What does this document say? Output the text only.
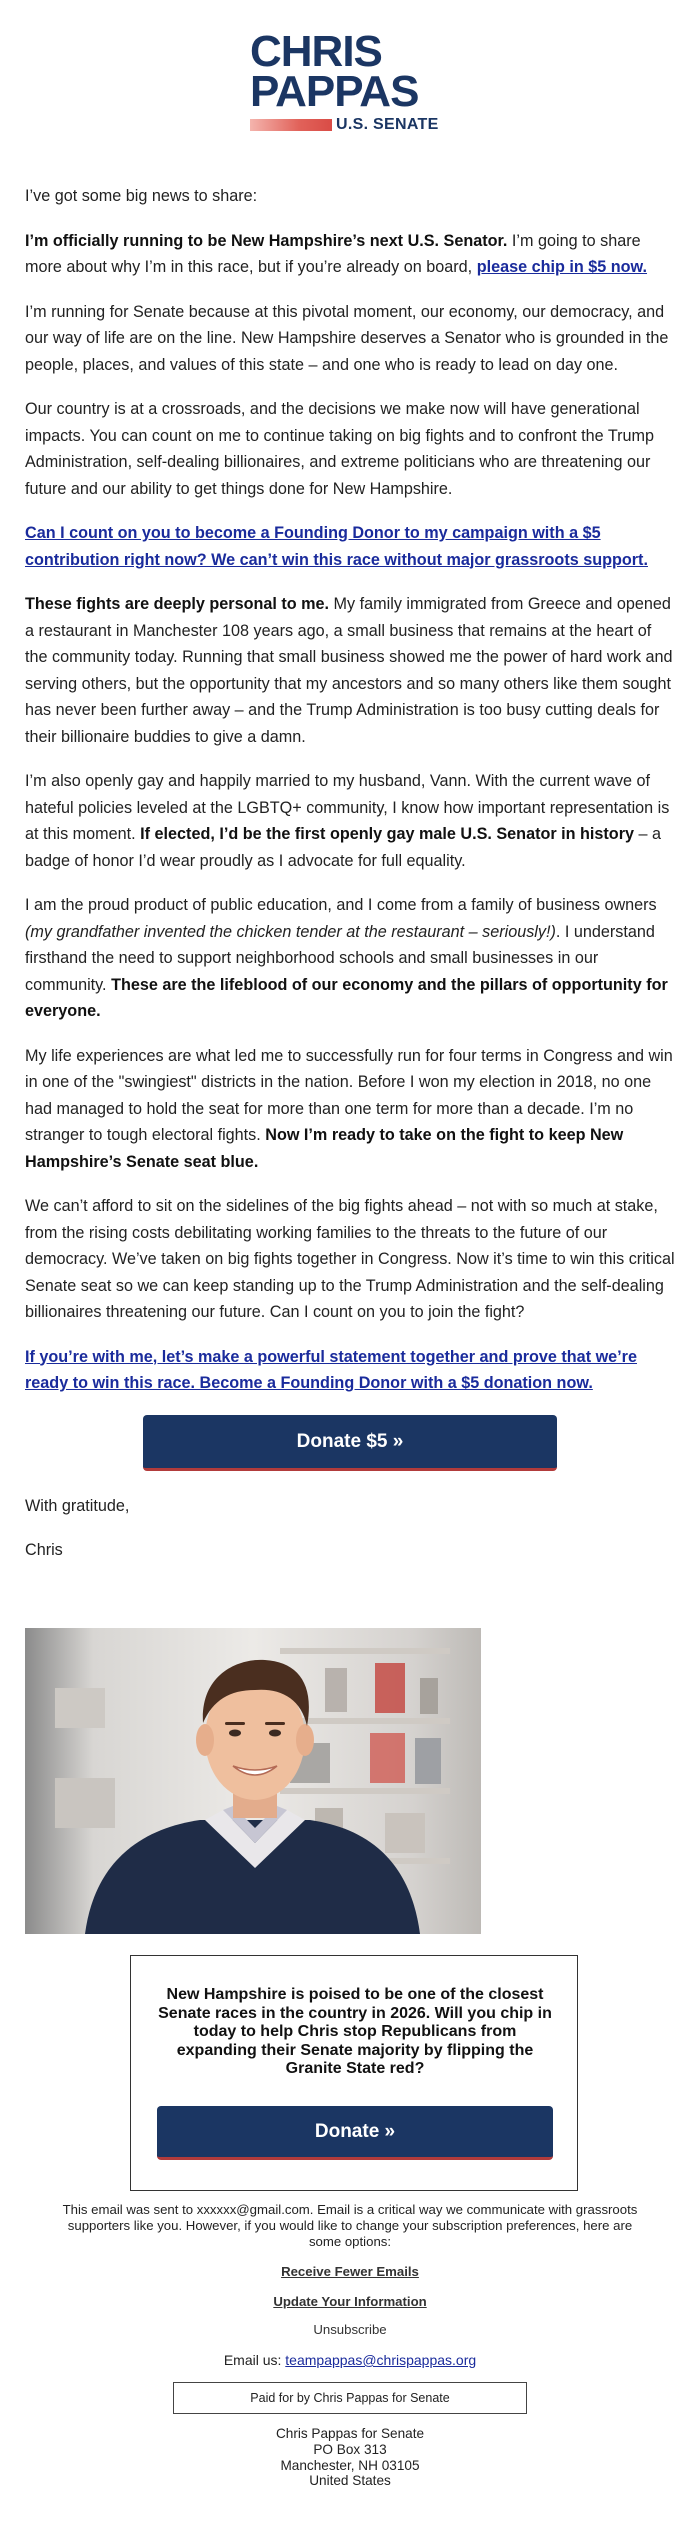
CHRIS

PAPPAS

U.S. SENATE

I’ve got some big news to share:

I’m officially running to be New Hampshire’s next U.S. Senator. I’m going to share more about why I’m in this race, but if you’re already on board, please chip in $5 now.

I’m running for Senate because at this pivotal moment, our economy, our democracy, and our way of life are on the line. New Hampshire deserves a Senator who is grounded in the people, places, and values of this state – and one who is ready to lead on day one.

Our country is at a crossroads, and the decisions we make now will have generational impacts. You can count on me to continue taking on big fights and to confront the Trump Administration, self-dealing billionaires, and extreme politicians who are threatening our future and our ability to get things done for New Hampshire.

Can I count on you to become a Founding Donor to my campaign with a $5 contribution right now? We can’t win this race without major grassroots support.

These fights are deeply personal to me. My family immigrated from Greece and opened a restaurant in Manchester 108 years ago, a small business that remains at the heart of the community today. Running that small business showed me the power of hard work and serving others, but the opportunity that my ancestors and so many others like them sought has never been further away – and the Trump Administration is too busy cutting deals for their billionaire buddies to give a damn.

I’m also openly gay and happily married to my husband, Vann. With the current wave of hateful policies leveled at the LGBTQ+ community, I know how important representation is at this moment. If elected, I’d be the first openly gay male U.S. Senator in history – a badge of honor I’d wear proudly as I advocate for full equality.

I am the proud product of public education, and I come from a family of business owners (my grandfather invented the chicken tender at the restaurant – seriously!). I understand firsthand the need to support neighborhood schools and small businesses in our community. These are the lifeblood of our economy and the pillars of opportunity for everyone.

My life experiences are what led me to successfully run for four terms in Congress and win in one of the "swingiest" districts in the nation. Before I won my election in 2018, no one had managed to hold the seat for more than one term for more than a decade. I’m no stranger to tough electoral fights. Now I’m ready to take on the fight to keep New Hampshire’s Senate seat blue.

We can’t afford to sit on the sidelines of the big fights ahead – not with so much at stake, from the rising costs debilitating working families to the threats to the future of our democracy. We’ve taken on big fights together in Congress. Now it’s time to win this critical Senate seat so we can keep standing up to the Trump Administration and the self-dealing billionaires threatening our future. Can I count on you to join the fight?

If you’re with me, let’s make a powerful statement together and prove that we’re ready to win this race. Become a Founding Donor with a $5 donation now.

Donate $5 »

With gratitude,

Chris

New Hampshire is poised to be one of the closest Senate races in the country in 2026. Will you chip in today to help Chris stop Republicans from expanding their Senate majority by flipping the Granite State red?

Donate »

This email was sent to xxxxxx@gmail.com. Email is a critical way we communicate with grassroots supporters like you. However, if you would like to change your subscription preferences, here are some options:

Receive Fewer Emails
Update Your Information
Unsubscribe

Email us: teampappas@chrispappas.org

Paid for by Chris Pappas for Senate
Chris Pappas for Senate
PO Box 313
Manchester, NH 03105
United States
